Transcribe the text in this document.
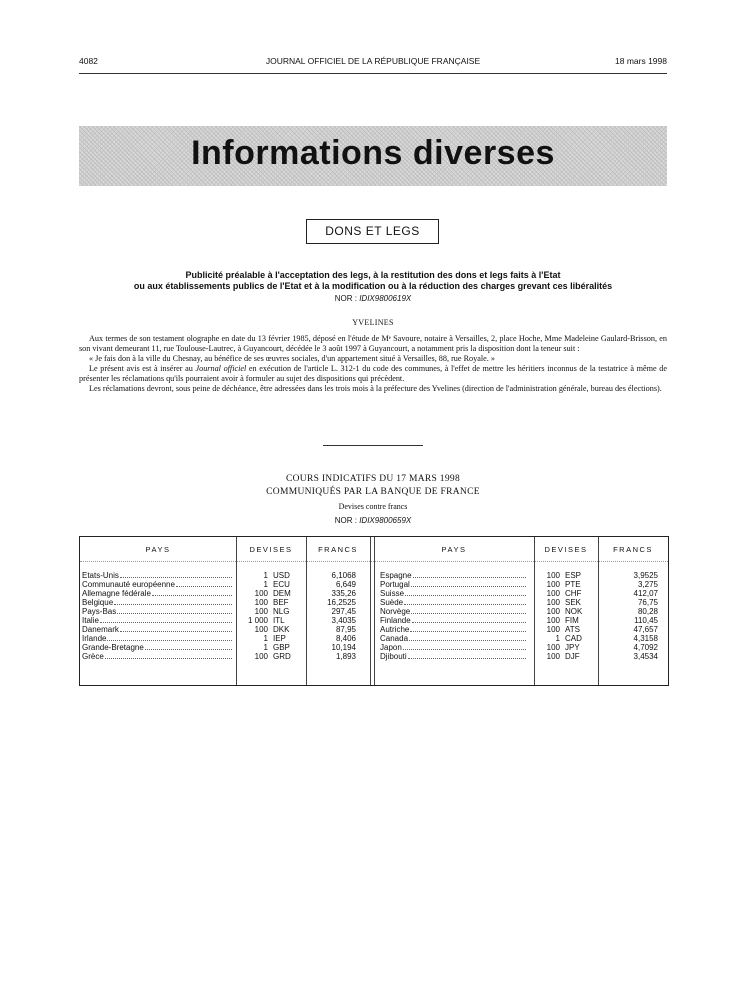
4082	JOURNAL OFFICIEL DE LA RÉPUBLIQUE FRANÇAISE	18 mars 1998
Informations diverses
DONS ET LEGS
Publicité préalable à l'acceptation des legs, à la restitution des dons et legs faits à l'Etat
ou aux établissements publics de l'Etat et à la modification ou à la réduction des charges grevant ces libéralités
NOR : IDIX9800619X
YVELINES

Aux termes de son testament olographe en date du 13 février 1985, déposé en l'étude de Mᵉ Savoure, notaire à Versailles, 2, place Hoche, Mme Madeleine Gaulard-Brisson, en son vivant demeurant 11, rue Toulouse-Lautrec, à Guyancourt, décédée le 3 août 1997 à Guyancourt, a notamment pris la disposition dont la teneur suit :

« Je fais don à la ville du Chesnay, au bénéfice de ses œuvres sociales, d'un appartement situé à Versailles, 88, rue Royale. »

Le présent avis est à insérer au Journal officiel en exécution de l'article L. 312-1 du code des communes, à l'effet de mettre les héritiers inconnus de la testatrice à même de présenter les réclamations qu'ils pourraient avoir à formuler au sujet des dispositions qui précèdent.

Les réclamations devront, sous peine de déchéance, être adressées dans les trois mois à la préfecture des Yvelines (direction de l'administration générale, bureau des élections).

COURS INDICATIFS DU 17 MARS 1998
COMMUNIQUÉS PAR LA BANQUE DE FRANCE
Devises contre francs
NOR : IDIX9800659X
PAYS	DEVISES	FRANCS	PAYS	DEVISES	FRANCS
Etats-Unis	1 USD	6,1068
Communauté européenne	1 ECU	6,649
Allemagne fédérale	100 DEM	335,26
Belgique	100 BEF	16,2525
Pays-Bas	100 NLG	297,45
Italie	1 000 ITL	3,4035
Danemark	100 DKK	87,95
Irlande	1 IEP	8,406
Grande-Bretagne	1 GBP	10,194
Grèce	100 GRD	1,893
Espagne	100 ESP	3,9525
Portugal	100 PTE	3,275
Suisse	100 CHF	412,07
Suède	100 SEK	76,75
Norvège	100 NOK	80,28
Finlande	100 FIM	110,45
Autriche	100 ATS	47,657
Canada	1 CAD	4,3158
Japon	100 JPY	4,7092
Djibouti	100 DJF	3,4534
